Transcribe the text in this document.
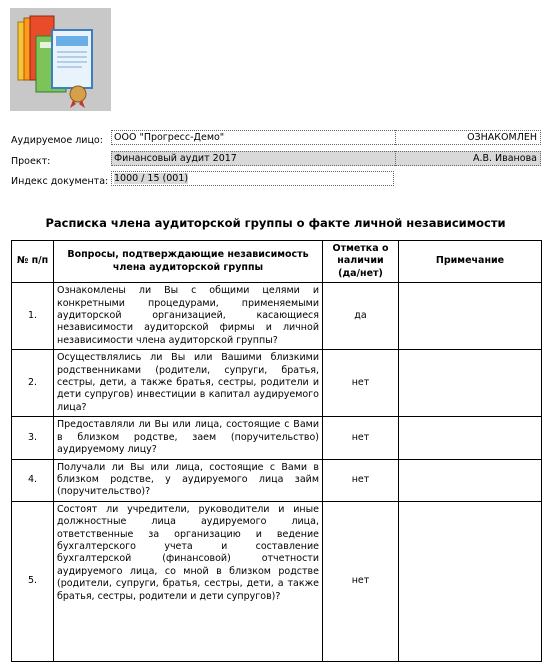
Аудируемое лицо:	ООО "Прогресс-Демо"	ОЗНАКОМЛЕН
Проект:	Финансовый аудит 2017	А.В. Иванова
Индекс документа: 1000 / 15 (001)
Расписка члена аудиторской группы о факте личной независимости
№ п/п	Вопросы, подтверждающие независимость члена аудиторской группы	Отметка о наличии (да/нет)	Примечание
1.	Ознакомлены ли Вы с общими целями и конкретными процедурами, применяемыми аудиторской организацией, касающиеся независимости аудиторской фирмы и личной независимости члена аудиторской группы?	да	
2.	Осуществлялись ли Вы или Вашими близкими родственниками (родители, супруги, братья, сестры, дети, а также братья, сестры, родители и дети супругов) инвестиции в капитал аудируемого лица?	нет	
3.	Предоставляли ли Вы или лица, состоящие с Вами в близком родстве, заем (поручительство) аудируемому лицу?	нет	
4.	Получали ли Вы или лица, состоящие с Вами в близком родстве, у аудируемого лица займ (поручительство)?	нет	
5.	Состоят ли учредители, руководители и иные должностные лица аудируемого лица, ответственные за организацию и ведение бухгалтерского учета и составление бухгалтерской (финансовой) отчетности аудируемого лица, со мной в близком родстве (родители, супруги, братья, сестры, дети, а также братья, сестры, родители и дети супругов)?	нет	
